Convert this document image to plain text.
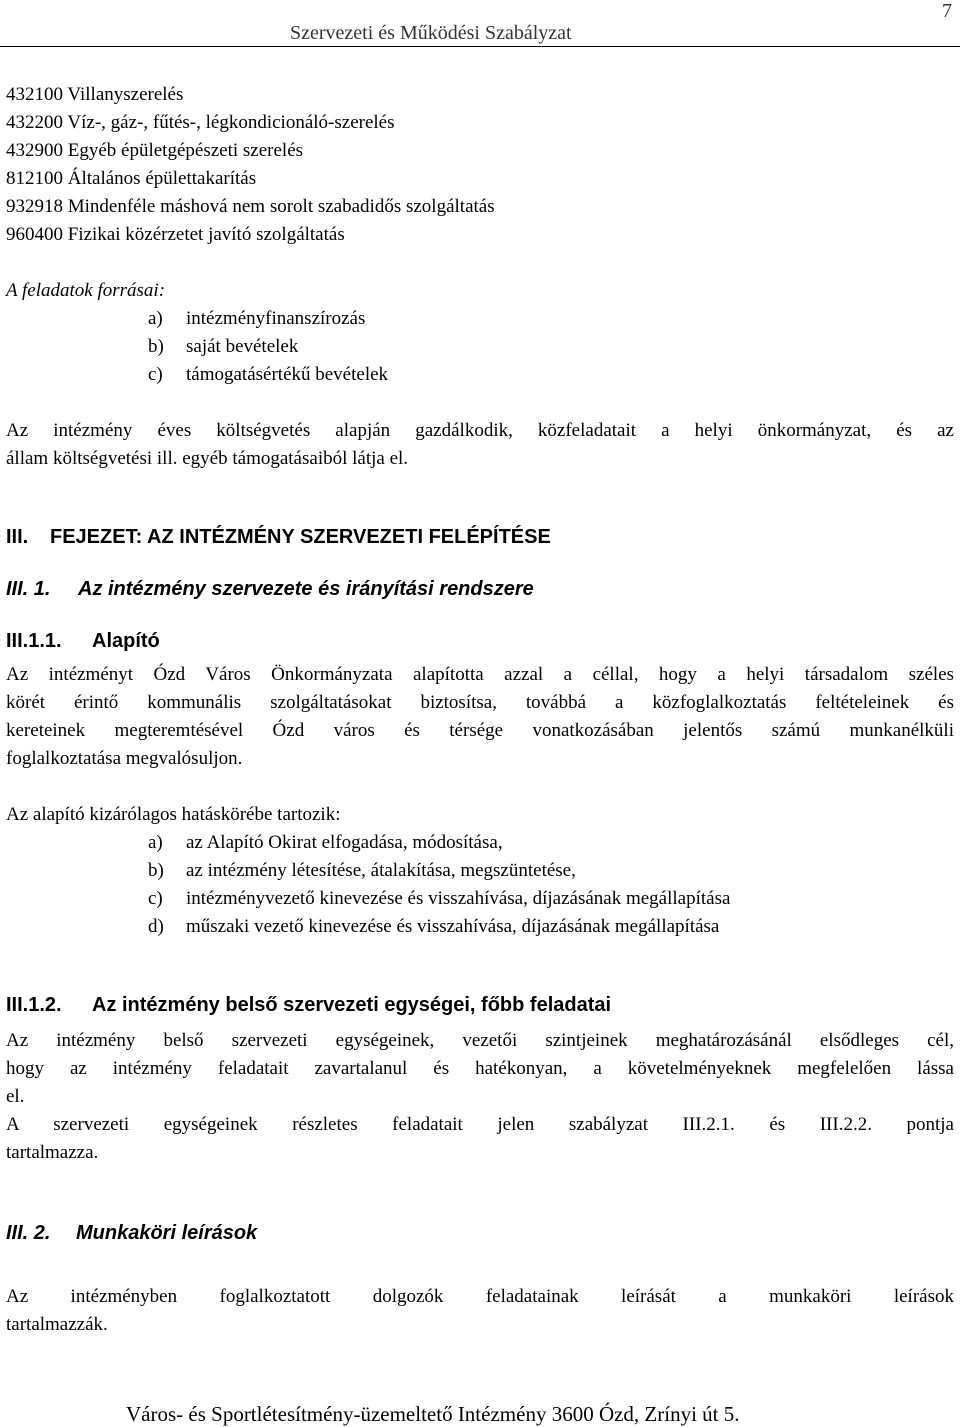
7
Szervezeti és Működési Szabályzat
432100 Villanyszerelés
432200 Víz-, gáz-, fűtés-, légkondicionáló-szerelés
432900 Egyéb épületgépészeti szerelés
812100 Általános épülettakarítás
932918 Mindenféle máshová nem sorolt szabadidős szolgáltatás
960400 Fizikai közérzetet javító szolgáltatás
A feladatok forrásai:
a) intézményfinanszírozás
b) saját bevételek
c) támogatásértékű bevételek
Az intézmény éves költségvetés alapján gazdálkodik, közfeladatait a helyi önkormányzat, és az
állam költségvetési ill. egyéb támogatásaiból látja el.
III. FEJEZET: AZ INTÉZMÉNY SZERVEZETI FELÉPÍTÉSE
III. 1. Az intézmény szervezete és irányítási rendszere
III.1.1. Alapító
Az intézményt Ózd Város Önkormányzata alapította azzal a céllal, hogy a helyi társadalom széles
körét érintő kommunális szolgáltatásokat biztosítsa, továbbá a közfoglalkoztatás feltételeinek és
kereteinek megteremtésével Ózd város és térsége vonatkozásában jelentős számú munkanélküli
foglalkoztatása megvalósuljon.
Az alapító kizárólagos hatáskörébe tartozik:
a) az Alapító Okirat elfogadása, módosítása,
b) az intézmény létesítése, átalakítása, megszüntetése,
c) intézményvezető kinevezése és visszahívása, díjazásának megállapítása
d) műszaki vezető kinevezése és visszahívása, díjazásának megállapítása
III.1.2. Az intézmény belső szervezeti egységei, főbb feladatai
Az intézmény belső szervezeti egységeinek, vezetői szintjeinek meghatározásánál elsődleges cél,
hogy az intézmény feladatait zavartalanul és hatékonyan, a követelményeknek megfelelően lássa
el.
A szervezeti egységeinek részletes feladatait jelen szabályzat III.2.1. és III.2.2. pontja
tartalmazza.
III. 2. Munkaköri leírások
Az intézményben foglalkoztatott dolgozók feladatainak leírását a munkaköri leírások
tartalmazzák.
Város- és Sportlétesítmény-üzemeltető Intézmény 3600 Ózd, Zrínyi út 5.
